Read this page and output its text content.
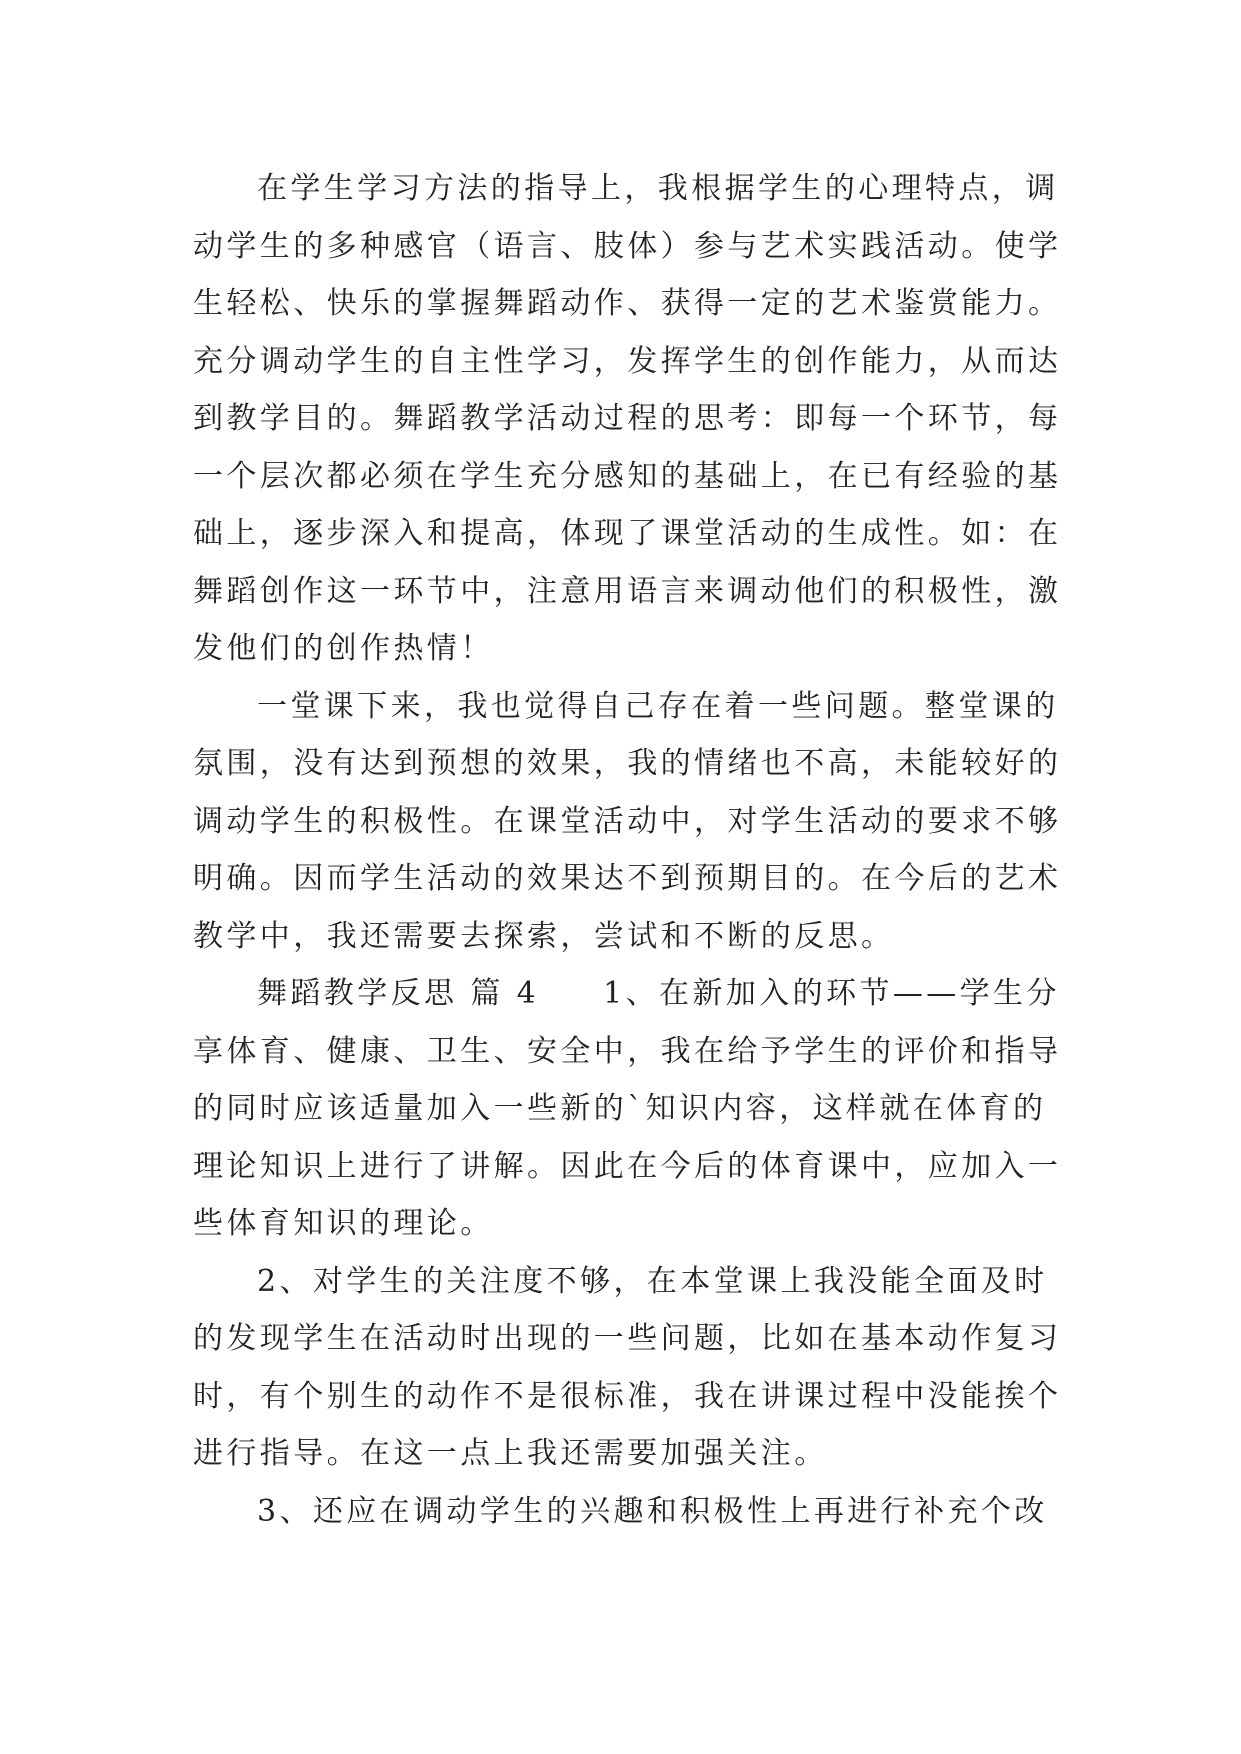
在学生学习方法的指导上，我根据学生的心理特点，调
动学生的多种感官（语言、肢体）参与艺术实践活动。使学
生轻松、快乐的掌握舞蹈动作、获得一定的艺术鉴赏能力。
充分调动学生的自主性学习，发挥学生的创作能力，从而达
到教学目的。舞蹈教学活动过程的思考：即每一个环节，每
一个层次都必须在学生充分感知的基础上，在已有经验的基
础上，逐步深入和提高，体现了课堂活动的生成性。如：在
舞蹈创作这一环节中，注意用语言来调动他们的积极性，激
发他们的创作热情！
一堂课下来，我也觉得自己存在着一些问题。整堂课的
氛围，没有达到预想的效果，我的情绪也不高，未能较好的
调动学生的积极性。在课堂活动中，对学生活动的要求不够
明确。因而学生活动的效果达不到预期目的。在今后的艺术
教学中，我还需要去探索，尝试和不断的反思。
舞蹈教学反思 篇 4 1、在新加入的环节——学生分
享体育、健康、卫生、安全中，我在给予学生的评价和指导
的同时应该适量加入一些新的`知识内容，这样就在体育的
理论知识上进行了讲解。因此在今后的体育课中，应加入一
些体育知识的理论。
2、对学生的关注度不够，在本堂课上我没能全面及时
的发现学生在活动时出现的一些问题，比如在基本动作复习
时，有个别生的动作不是很标准，我在讲课过程中没能挨个
进行指导。在这一点上我还需要加强关注。
3、还应在调动学生的兴趣和积极性上再进行补充个改
